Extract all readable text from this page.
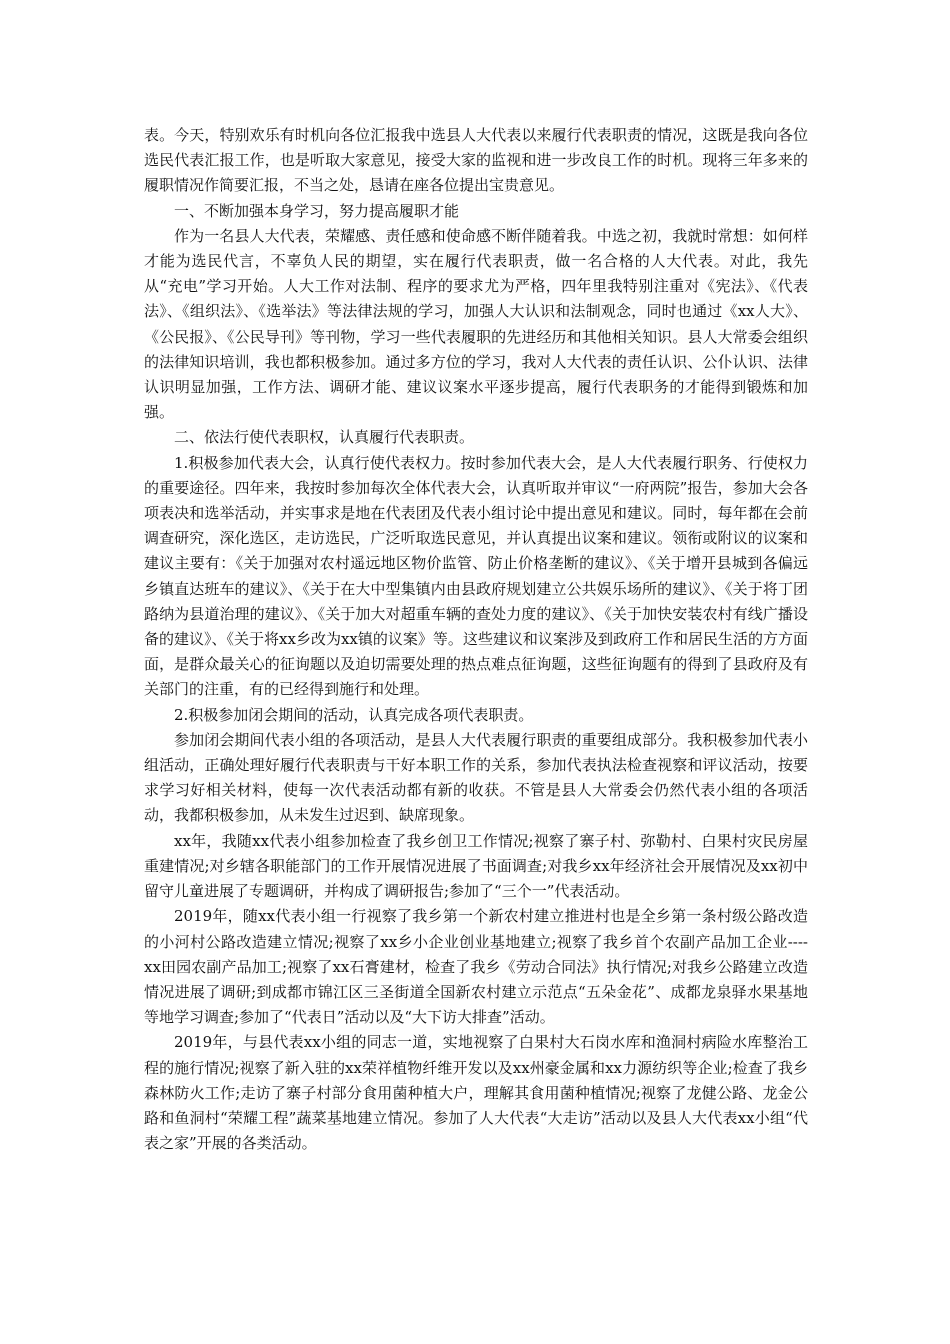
表。今天，特别欢乐有时机向各位汇报我中选县人大代表以来履行代表职责的情况，这既是我向各位选民代表汇报工作，也是听取大家意见，接受大家的监视和进一步改良工作的时机。现将三年多来的履职情况作简要汇报，不当之处，恳请在座各位提出宝贵意见。

一、不断加强本身学习，努力提高履职才能

作为一名县人大代表，荣耀感、责任感和使命感不断伴随着我。中选之初，我就时常想：如何样才能为选民代言，不辜负人民的期望，实在履行代表职责，做一名合格的人大代表。对此，我先从“充电”学习开始。人大工作对法制、程序的要求尤为严格，四年里我特别注重对《宪法》、《代表法》、《组织法》、《选举法》等法律法规的学习，加强人大认识和法制观念，同时也通过《xx人大》、《公民报》、《公民导刊》等刊物，学习一些代表履职的先进经历和其他相关知识。县人大常委会组织的法律知识培训，我也都积极参加。通过多方位的学习，我对人大代表的责任认识、公仆认识、法律认识明显加强，工作方法、调研才能、建议议案水平逐步提高，履行代表职务的才能得到锻炼和加强。

二、依法行使代表职权，认真履行代表职责。

1.积极参加代表大会，认真行使代表权力。按时参加代表大会，是人大代表履行职务、行使权力的重要途径。四年来，我按时参加每次全体代表大会，认真听取并审议“一府两院”报告，参加大会各项表决和选举活动，并实事求是地在代表团及代表小组讨论中提出意见和建议。同时，每年都在会前调查研究，深化选区，走访选民，广泛听取选民意见，并认真提出议案和建议。领衔或附议的议案和建议主要有：《关于加强对农村遥远地区物价监管、防止价格垄断的建议》、《关于增开县城到各偏远乡镇直达班车的建议》、《关于在大中型集镇内由县政府规划建立公共娱乐场所的建议》、《关于将丁团路纳为县道治理的建议》、《关于加大对超重车辆的查处力度的建议》、《关于加快安装农村有线广播设备的建议》、《关于将xx乡改为xx镇的议案》等。这些建议和议案涉及到政府工作和居民生活的方方面面，是群众最关心的征询题以及迫切需要处理的热点难点征询题，这些征询题有的得到了县政府及有关部门的注重，有的已经得到施行和处理。

2.积极参加闭会期间的活动，认真完成各项代表职责。

参加闭会期间代表小组的各项活动，是县人大代表履行职责的重要组成部分。我积极参加代表小组活动，正确处理好履行代表职责与干好本职工作的关系，参加代表执法检查视察和评议活动，按要求学习好相关材料，使每一次代表活动都有新的收获。不管是县人大常委会仍然代表小组的各项活动，我都积极参加，从未发生过迟到、缺席现象。

xx年，我随xx代表小组参加检查了我乡创卫工作情况;视察了寨子村、弥勒村、白果村灾民房屋重建情况;对乡辖各职能部门的工作开展情况进展了书面调查;对我乡xx年经济社会开展情况及xx初中留守儿童进展了专题调研，并构成了调研报告;参加了“三个一”代表活动。

2019年，随xx代表小组一行视察了我乡第一个新农村建立推进村也是全乡第一条村级公路改造的小河村公路改造建立情况;视察了xx乡小企业创业基地建立;视察了我乡首个农副产品加工企业----xx田园农副产品加工;视察了xx石膏建材，检查了我乡《劳动合同法》执行情况;对我乡公路建立改造情况进展了调研;到成都市锦江区三圣街道全国新农村建立示范点“五朵金花”、成都龙泉驿水果基地等地学习调查;参加了“代表日”活动以及“大下访大排查”活动。

2019年，与县代表xx小组的同志一道，实地视察了白果村大石岗水库和渔洞村病险水库整治工程的施行情况;视察了新入驻的xx荣祥植物纤维开发以及xx州豪金属和xx力源纺织等企业;检查了我乡森林防火工作;走访了寨子村部分食用菌种植大户，理解其食用菌种植情况;视察了龙健公路、龙金公路和鱼洞村“荣耀工程”蔬菜基地建立情况。参加了人大代表“大走访”活动以及县人大代表xx小组“代表之家”开展的各类活动。
